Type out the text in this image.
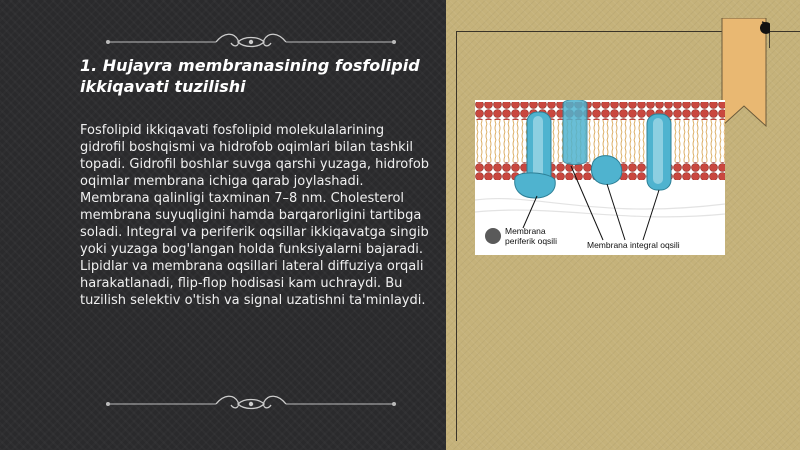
1. Hujayra membranasining fosfolipid ikkiqavati tuzilishi

Fosfolipid ikkiqavati fosfolipid molekulalarining gidrofil boshqismi va hidrofob oqimlari bilan tashkil topadi. Gidrofil boshlar suvga qarshi yuzaga, hidrofob oqimlar membrana ichiga qarab joylashadi. Membrana qalinligi taxminan 7–8 nm. Cholesterol membrana suyuqligini hamda barqarorligini tartibga soladi. Integral va periferik oqsillar ikkiqavatga singib yoki yuzaga bog'langan holda funksiyalarni bajaradi. Lipidlar va membrana oqsillari lateral diffuziya orqali harakatlanadi, flip-flop hodisasi kam uchraydi. Bu tuzilish selektiv o'tish va signal uzatishni ta'minlaydi.

Membrana periferik oqsili	Membrana integral oqsili
